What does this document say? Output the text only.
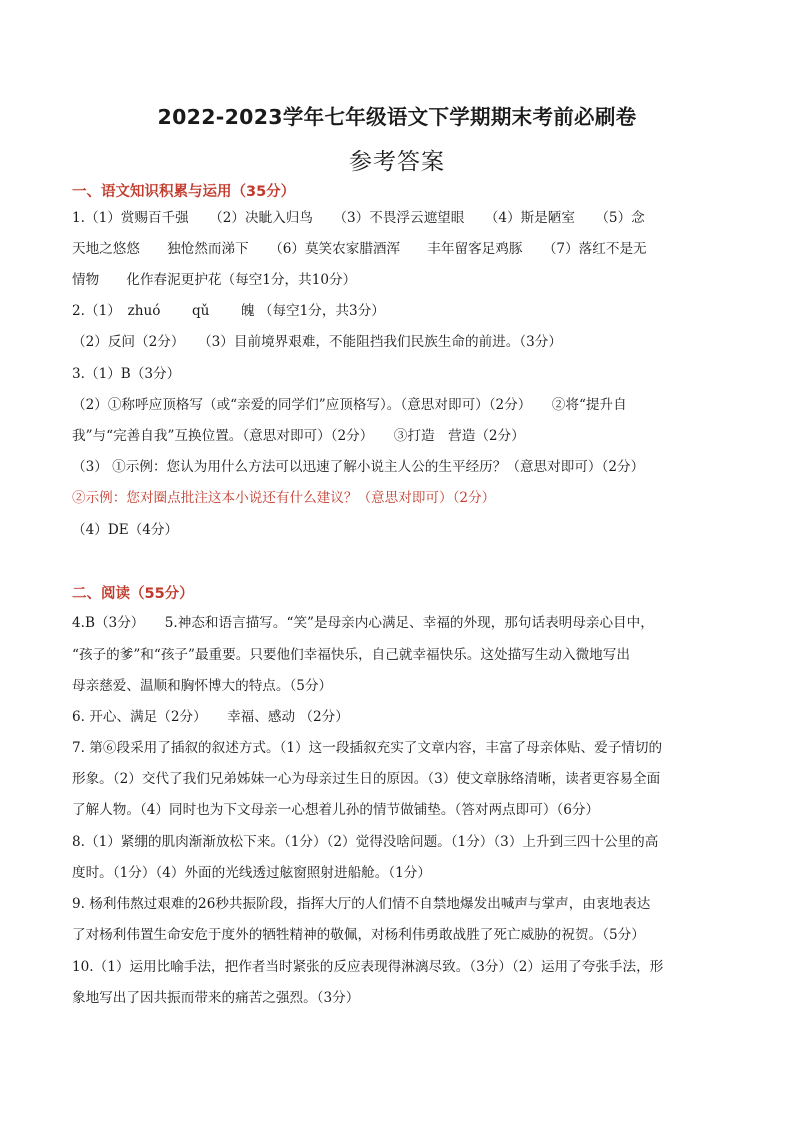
2022-2023学年七年级语文下学期期末考前必刷卷
参考答案
一、语文知识积累与运用（35分）
1.（1）赏赐百千强　　（2）决眦入归鸟　　（3）不畏浮云遮望眼　　（4）斯是陋室　　（5）念
天地之悠悠　　独怆然而涕下　　（6）莫笑农家腊酒浑　　丰年留客足鸡豚　　（7）落红不是无
情物　　化作春泥更护花（每空1分，共10分）
2.（1）　zhuó　　 qǔ　　 魄 （每空1分，共3分）
（2）反问（2分）　　（3）目前境界艰难，不能阻挡我们民族生命的前进。（3分）
3.（1）B（3分）
（2）①称呼应顶格写（或“亲爱的同学们”应顶格写）。（意思对即可）（2分）　　②将“提升自
我”与“完善自我”互换位置。（意思对即可）（2分）　　③打造　营造（2分）
（3） ①示例：您认为用什么方法可以迅速了解小说主人公的生平经历？（意思对即可）（2分）
②示例：您对圈点批注这本小说还有什么建议？（意思对即可）（2分）
（4）DE（4分）
二、阅读（55分）
4.B（3分）　　5.神态和语言描写。“笑”是母亲内心满足、幸福的外现，那句话表明母亲心目中，
“孩子的爹”和“孩子”最重要。只要他们幸福快乐，自己就幸福快乐。这处描写生动入微地写出
母亲慈爱、温顺和胸怀博大的特点。（5分）
6. 开心、满足（2分）　　幸福、感动 （2分）
7. 第⑥段采用了插叙的叙述方式。（1）这一段插叙充实了文章内容，丰富了母亲体贴、爱子情切的
形象。（2）交代了我们兄弟姊妹一心为母亲过生日的原因。（3）使文章脉络清晰，读者更容易全面
了解人物。（4）同时也为下文母亲一心想着儿孙的情节做铺垫。（答对两点即可）（6分）
8.（1）紧绷的肌肉渐渐放松下来。（1分）（2）觉得没啥问题。（1分）（3）上升到三四十公里的高
度时。（1分）（4）外面的光线透过舷窗照射进船舱。（1分）
9. 杨利伟熬过艰难的26秒共振阶段，指挥大厅的人们情不自禁地爆发出喊声与掌声，由衷地表达
了对杨利伟置生命安危于度外的牺牲精神的敬佩，对杨利伟勇敢战胜了死亡威胁的祝贺。（5分）
10.（1）运用比喻手法，把作者当时紧张的反应表现得淋漓尽致。（3分）（2）运用了夸张手法，形
象地写出了因共振而带来的痛苦之强烈。（3分）
